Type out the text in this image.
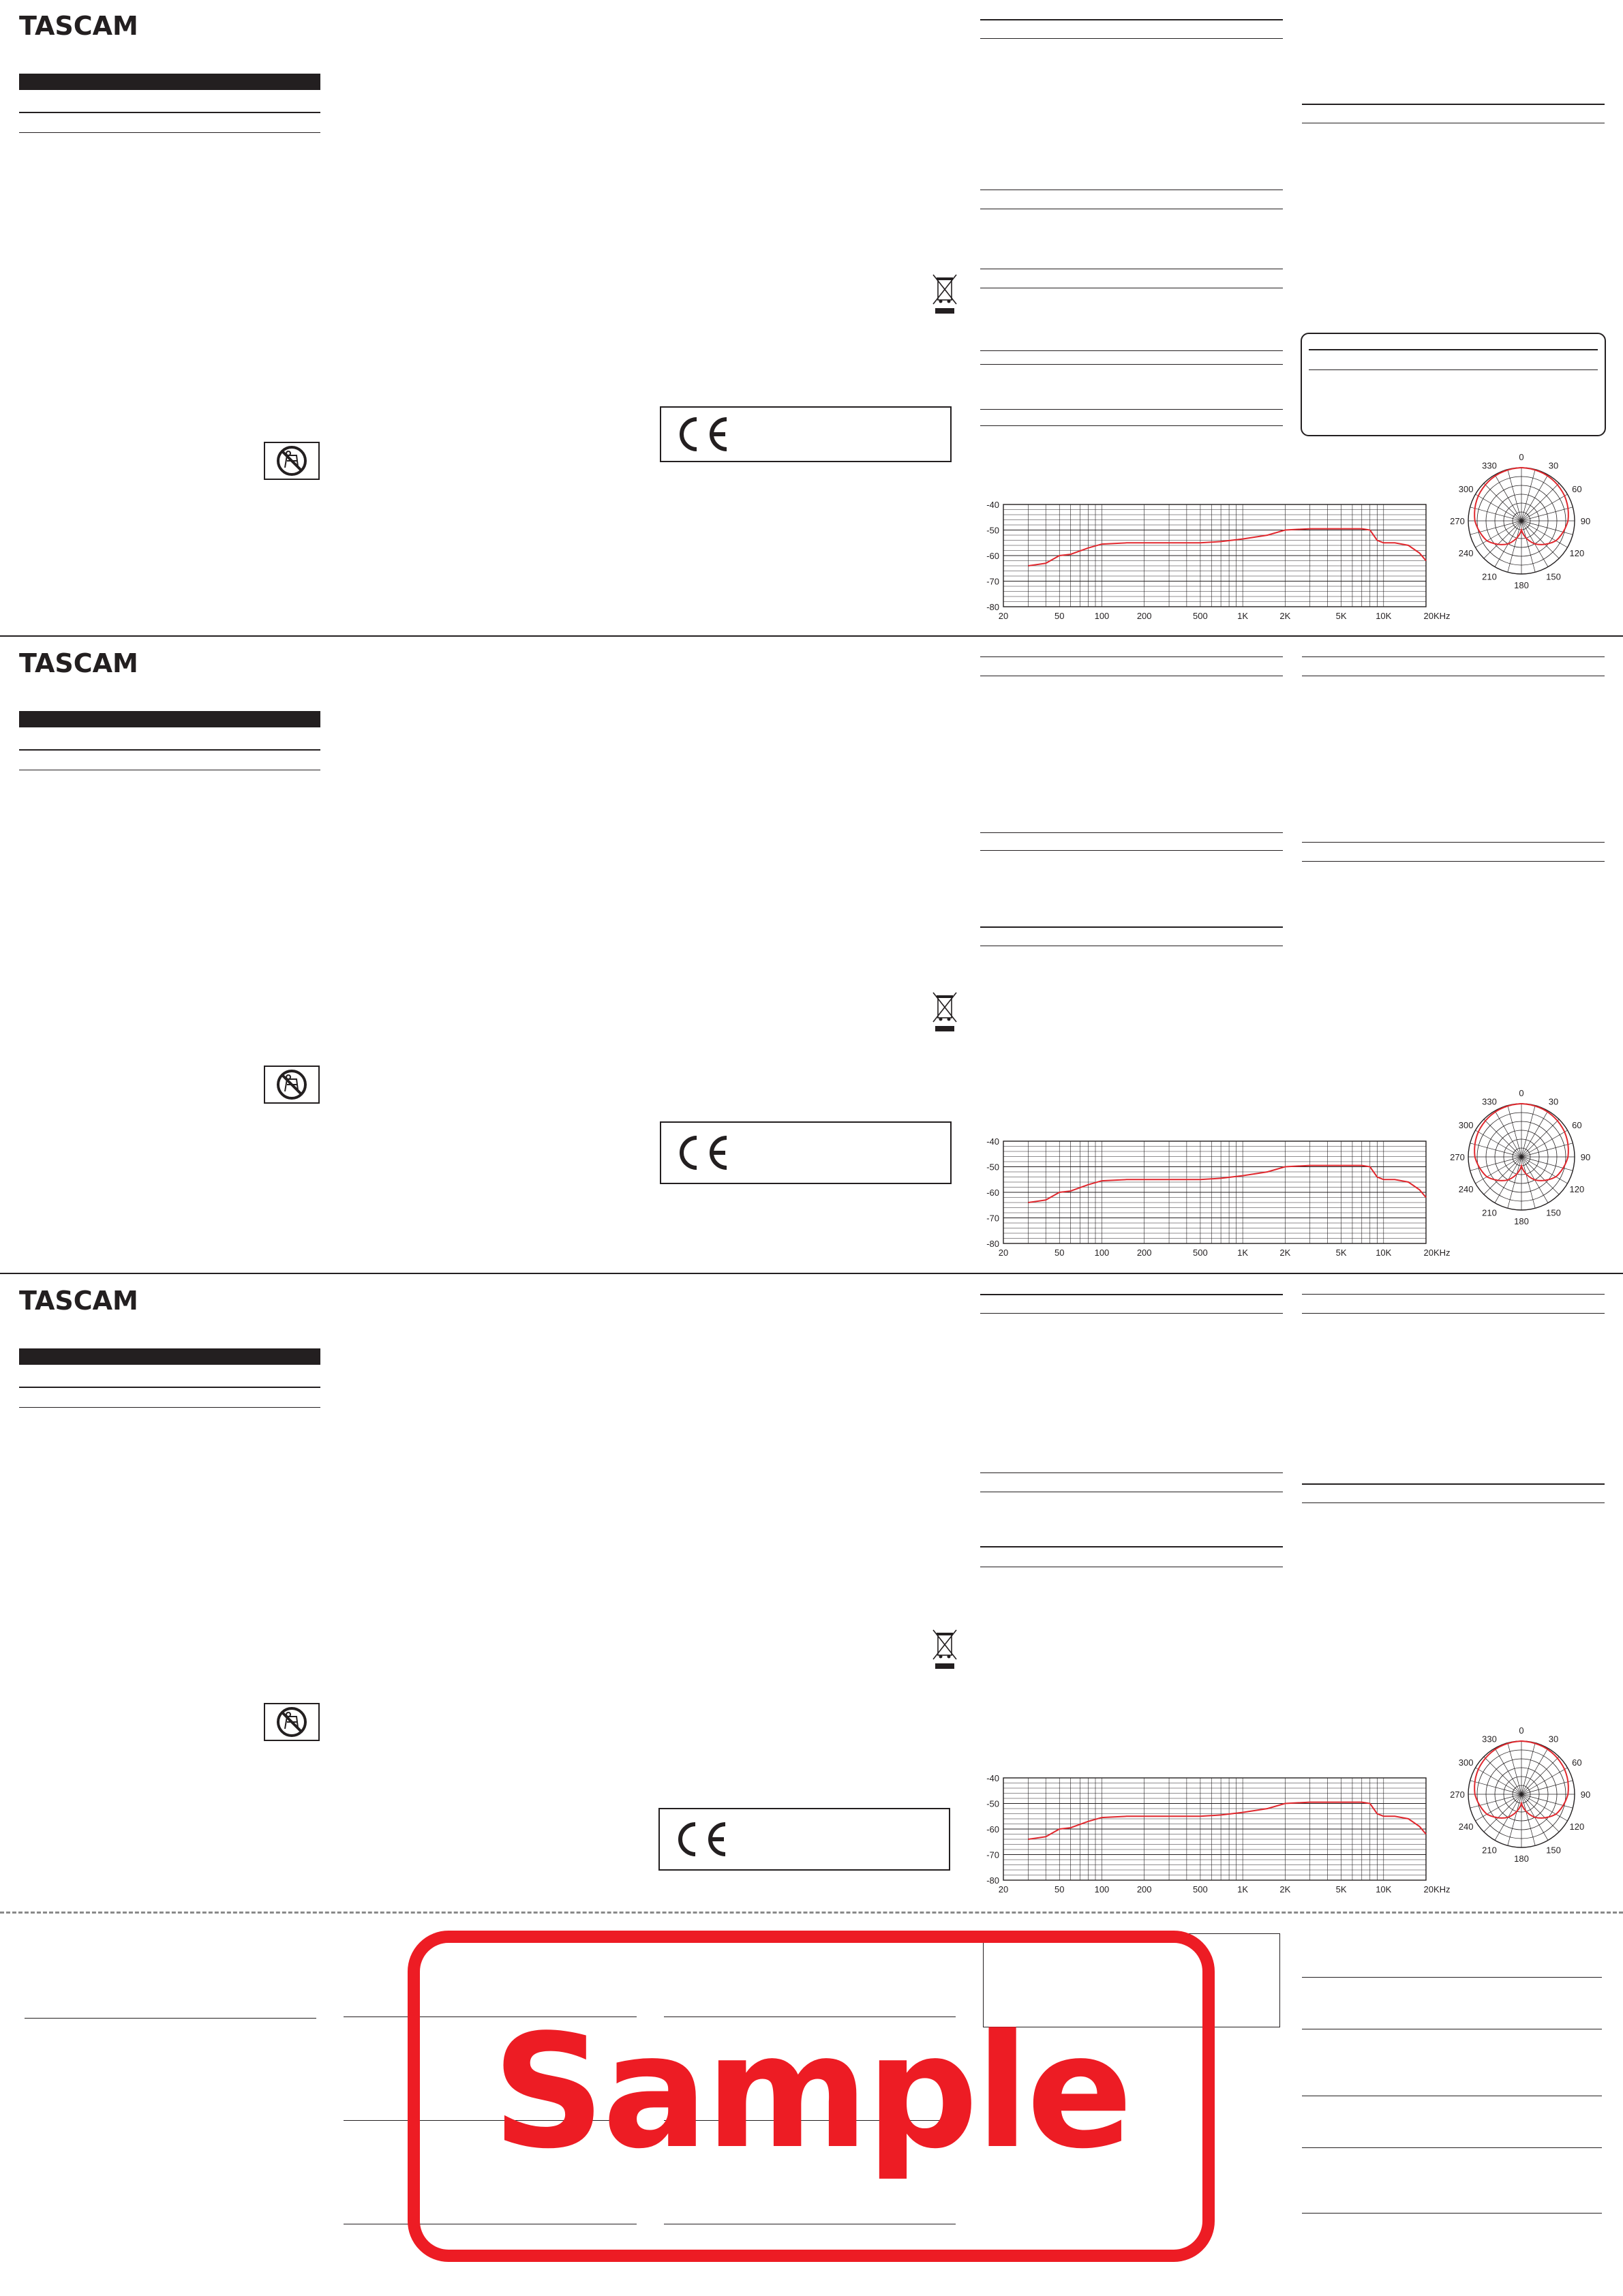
TASCAM
-40
-50
-60
-70
-80
20	50	100	200	500	1K	2K	5K	10K	20KHz
0
30
60
90
120
150
180
210
240
270
300
330
TASCAM
-40
-50
-60
-70
-80
20	50	100	200	500	1K	2K	5K	10K	20KHz
0
30
60
90
120
150
180
210
240
270
300
330
TASCAM
-40
-50
-60
-70
-80
20	50	100	200	500	1K	2K	5K	10K	20KHz
0
30
60
90
120
150
180
210
240
270
300
330
Sample
